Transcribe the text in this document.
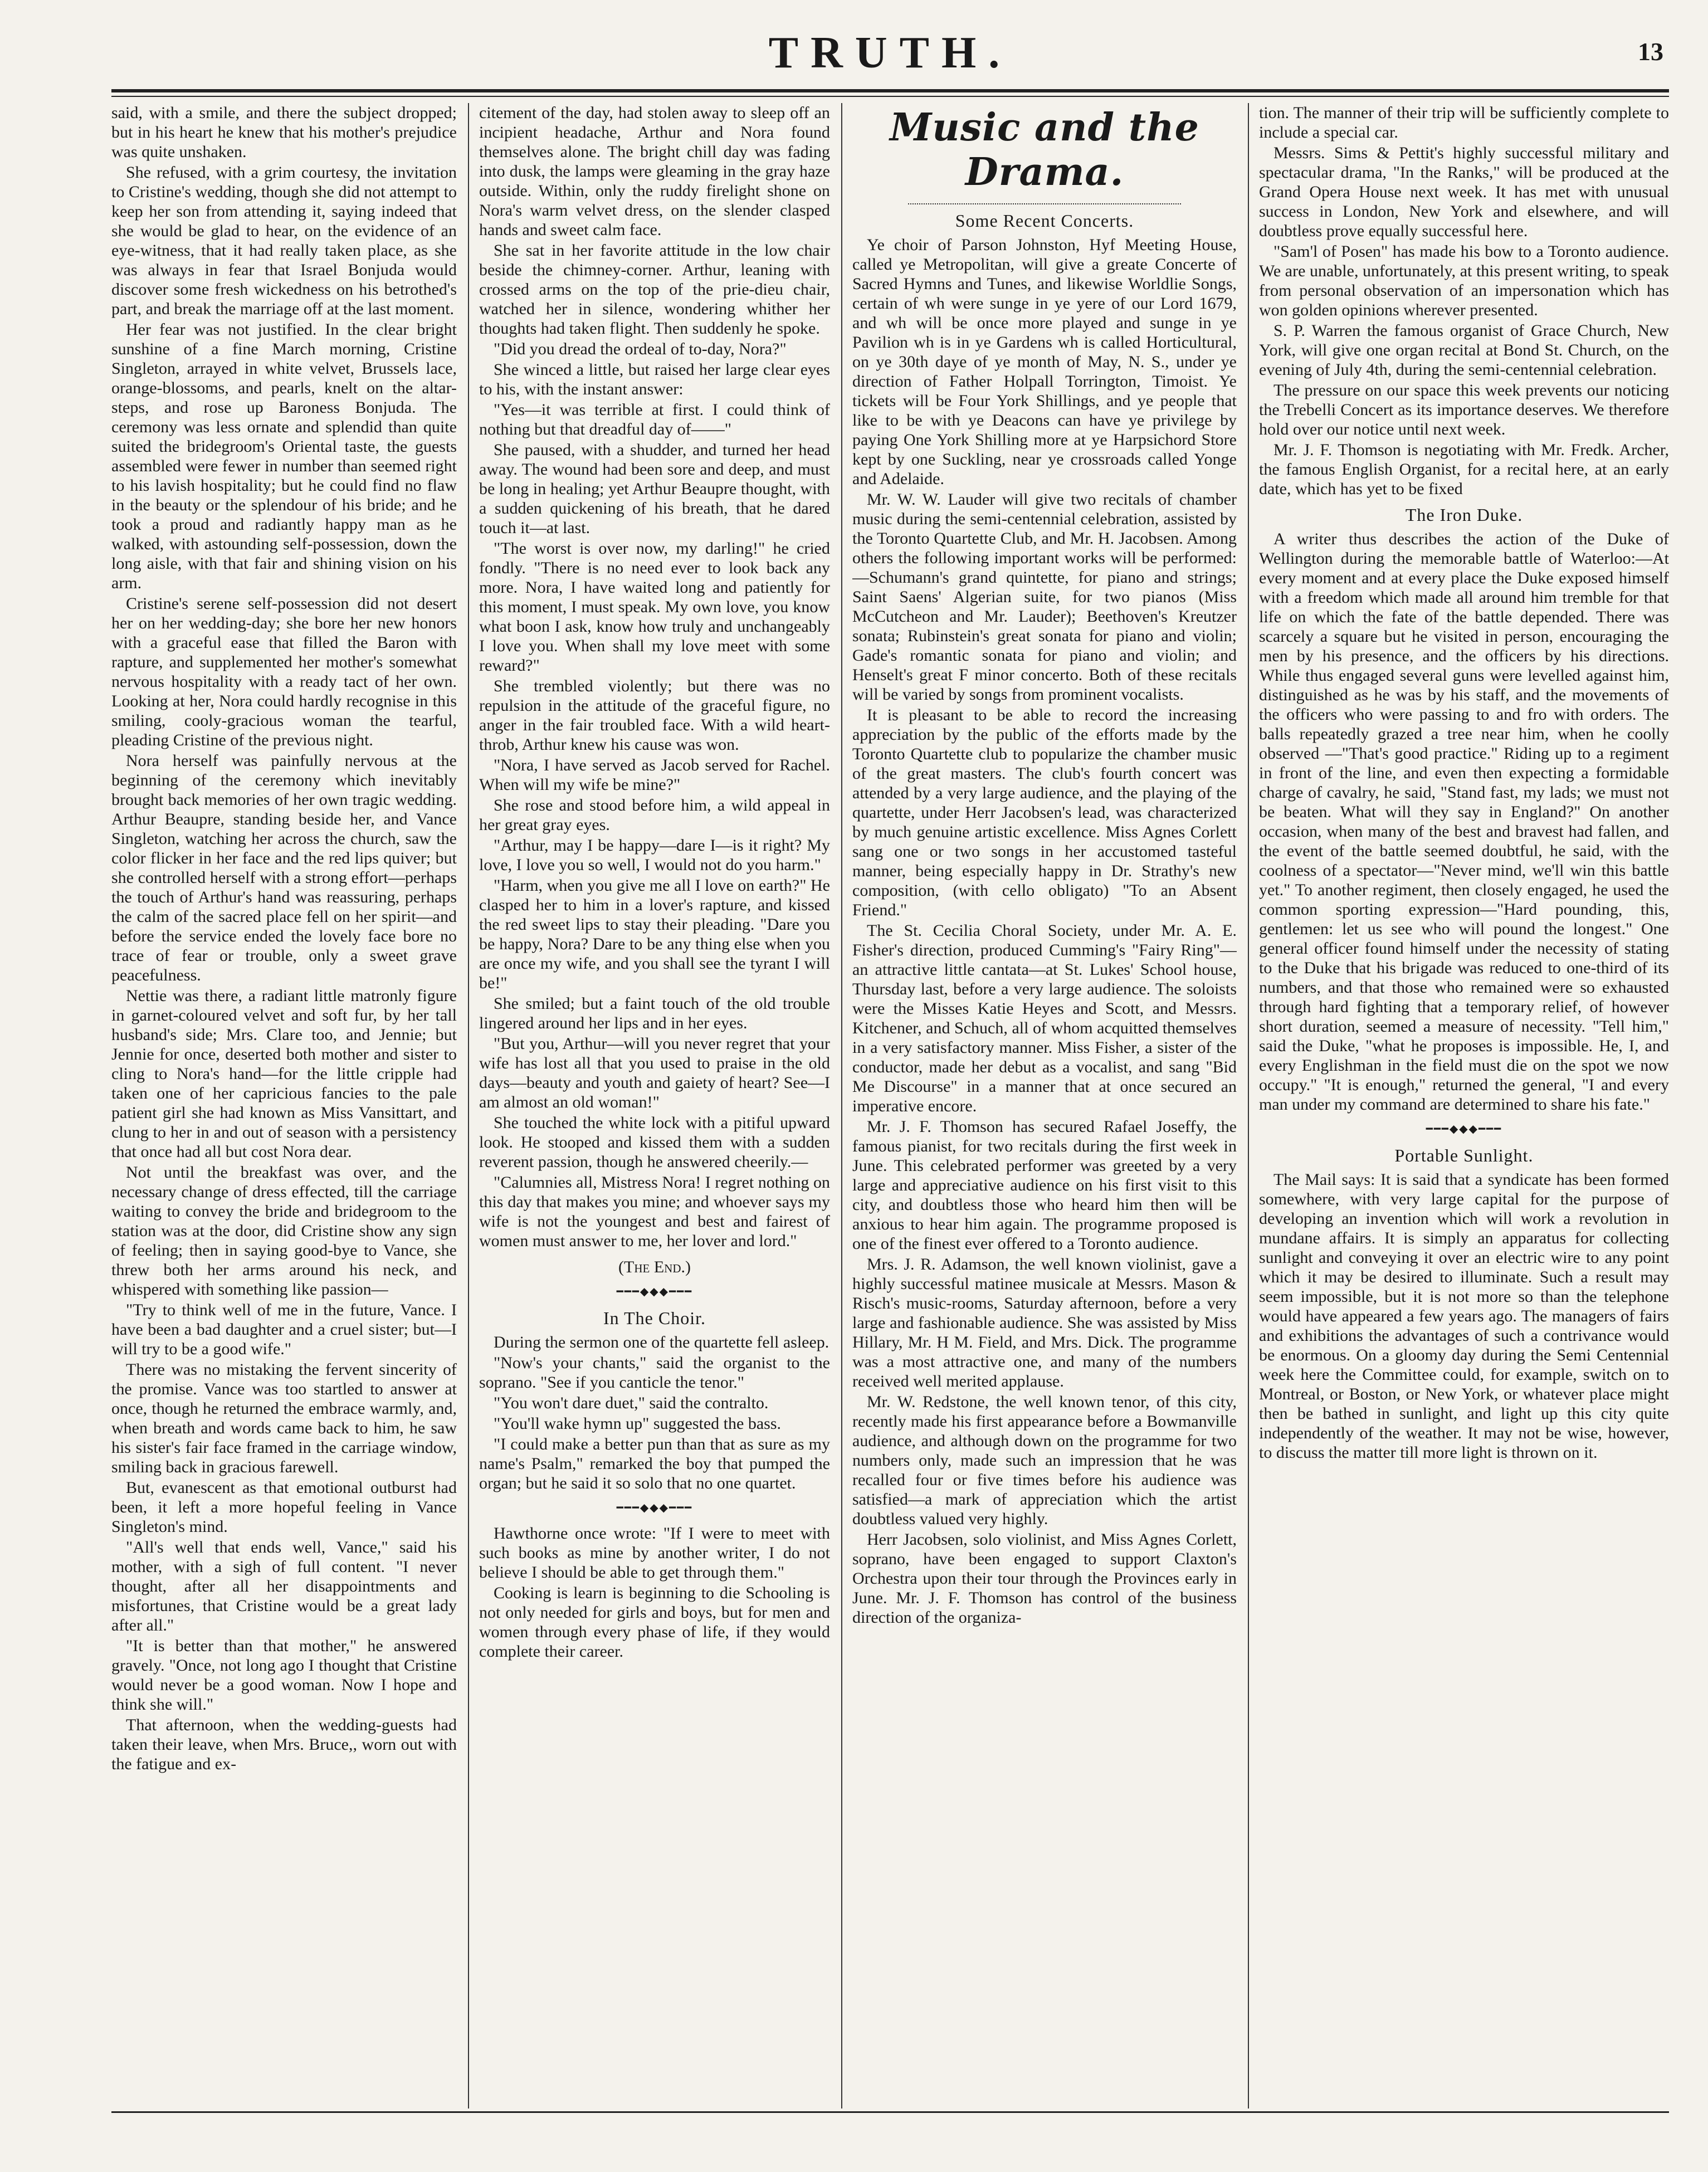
TRUTH.	13

said, with a smile, and there the subject dropped; but in his heart he knew that his mother's prejudice was quite unshaken.

She refused, with a grim courtesy, the invitation to Cristine's wedding, though she did not attempt to keep her son from attending it, saying indeed that she would be glad to hear, on the evidence of an eye-witness, that it had really taken place, as she was always in fear that Israel Bonjuda would discover some fresh wickedness on his betrothed's part, and break the marriage off at the last moment.

Her fear was not justified. In the clear bright sunshine of a fine March morning, Cristine Singleton, arrayed in white velvet, Brussels lace, orange-blossoms, and pearls, knelt on the altar-steps, and rose up Baroness Bonjuda. The ceremony was less ornate and splendid than quite suited the bridegroom's Oriental taste, the guests assembled were fewer in number than seemed right to his lavish hospitality; but he could find no flaw in the beauty or the splendour of his bride; and he took a proud and radiantly happy man as he walked, with astounding self-possession, down the long aisle, with that fair and shining vision on his arm.

Cristine's serene self-possession did not desert her on her wedding-day; she bore her new honors with a graceful ease that filled the Baron with rapture, and supplemented her mother's somewhat nervous hospitality with a ready tact of her own. Looking at her, Nora could hardly recognise in this smiling, cooly-gracious woman the tearful, pleading Cristine of the previous night.

Nora herself was painfully nervous at the beginning of the ceremony which inevitably brought back memories of her own tragic wedding. Arthur Beaupre, standing beside her, and Vance Singleton, watching her across the church, saw the color flicker in her face and the red lips quiver; but she controlled herself with a strong effort—perhaps the touch of Arthur's hand was reassuring, perhaps the calm of the sacred place fell on her spirit—and before the service ended the lovely face bore no trace of fear or trouble, only a sweet grave peacefulness.

Nettie was there, a radiant little matronly figure in garnet-coloured velvet and soft fur, by her tall husband's side; Mrs. Clare too, and Jennie; but Jennie for once, deserted both mother and sister to cling to Nora's hand—for the little cripple had taken one of her capricious fancies to the pale patient girl she had known as Miss Vansittart, and clung to her in and out of season with a persistency that once had all but cost Nora dear.

Not until the breakfast was over, and the necessary change of dress effected, till the carriage waiting to convey the bride and bridegroom to the station was at the door, did Cristine show any sign of feeling; then in saying good-bye to Vance, she threw both her arms around his neck, and whispered with something like passion—

"Try to think well of me in the future, Vance. I have been a bad daughter and a cruel sister; but—I will try to be a good wife."

There was no mistaking the fervent sincerity of the promise. Vance was too startled to answer at once, though he returned the embrace warmly, and, when breath and words came back to him, he saw his sister's fair face framed in the carriage window, smiling back in gracious farewell.

But, evanescent as that emotional outburst had been, it left a more hopeful feeling in Vance Singleton's mind.

"All's well that ends well, Vance," said his mother, with a sigh of full content. "I never thought, after all her disappointments and misfortunes, that Cristine would be a great lady after all."

"It is better than that mother," he answered gravely. "Once, not long ago I thought that Cristine would never be a good woman. Now I hope and think she will."

That afternoon, when the wedding-guests had taken their leave, when Mrs. Bruce,, worn out with the fatigue and ex-

citement of the day, had stolen away to sleep off an incipient headache, Arthur and Nora found themselves alone. The bright chill day was fading into dusk, the lamps were gleaming in the gray haze outside. Within, only the ruddy firelight shone on Nora's warm velvet dress, on the slender clasped hands and sweet calm face.

She sat in her favorite attitude in the low chair beside the chimney-corner. Arthur, leaning with crossed arms on the top of the prie-dieu chair, watched her in silence, wondering whither her thoughts had taken flight. Then suddenly he spoke.

"Did you dread the ordeal of to-day, Nora?"

She winced a little, but raised her large clear eyes to his, with the instant answer:

"Yes—it was terrible at first. I could think of nothing but that dreadful day of——"

She paused, with a shudder, and turned her head away. The wound had been sore and deep, and must be long in healing; yet Arthur Beaupre thought, with a sudden quickening of his breath, that he dared touch it—at last.

"The worst is over now, my darling!" he cried fondly. "There is no need ever to look back any more. Nora, I have waited long and patiently for this moment, I must speak. My own love, you know what boon I ask, know how truly and unchangeably I love you. When shall my love meet with some reward?"

She trembled violently; but there was no repulsion in the attitude of the graceful figure, no anger in the fair troubled face. With a wild heart-throb, Arthur knew his cause was won.

"Nora, I have served as Jacob served for Rachel. When will my wife be mine?"

She rose and stood before him, a wild appeal in her great gray eyes.

"Arthur, may I be happy—dare I—is it right? My love, I love you so well, I would not do you harm."

"Harm, when you give me all I love on earth?" He clasped her to him in a lover's rapture, and kissed the red sweet lips to stay their pleading. "Dare you be happy, Nora? Dare to be any thing else when you are once my wife, and you shall see the tyrant I will be!"

She smiled; but a faint touch of the old trouble lingered around her lips and in her eyes.

"But you, Arthur—will you never regret that your wife has lost all that you used to praise in the old days—beauty and youth and gaiety of heart? See—I am almost an old woman!"

She touched the white lock with a pitiful upward look. He stooped and kissed them with a sudden reverent passion, though he answered cheerily.—

"Calumnies all, Mistress Nora! I regret nothing on this day that makes you mine; and whoever says my wife is not the youngest and best and fairest of women must answer to me, her lover and lord."

(The End.)
━━━◆◆◆━━━
In The Choir.

During the sermon one of the quartette fell asleep.

"Now's your chants," said the organist to the soprano. "See if you canticle the tenor."

"You won't dare duet," said the contralto.

"You'll wake hymn up" suggested the bass.

"I could make a better pun than that as sure as my name's Psalm," remarked the boy that pumped the organ; but he said it so solo that no one quartet.

━━━◆◆◆━━━

Hawthorne once wrote: "If I were to meet with such books as mine by another writer, I do not believe I should be able to get through them."

Cooking is learn is beginning to die Schooling is not only needed for girls and boys, but for men and women through every phase of life, if they would complete their career.

Music and the Drama.
Some Recent Concerts.

Ye choir of Parson Johnston, Hyf Meeting House, called ye Metropolitan, will give a greate Concerte of Sacred Hymns and Tunes, and likewise Worldlie Songs, certain of wh were sunge in ye yere of our Lord 1679, and wh will be once more played and sunge in ye Pavilion wh is in ye Gardens wh is called Horticultural, on ye 30th daye of ye month of May, N. S., under ye direction of Father Holpall Torrington, Timoist. Ye tickets will be Four York Shillings, and ye people that like to be with ye Deacons can have ye privilege by paying One York Shilling more at ye Harpsichord Store kept by one Suckling, near ye crossroads called Yonge and Adelaide.

Mr. W. W. Lauder will give two recitals of chamber music during the semi-centennial celebration, assisted by the Toronto Quartette Club, and Mr. H. Jacobsen. Among others the following important works will be performed:—Schumann's grand quintette, for piano and strings; Saint Saens' Algerian suite, for two pianos (Miss McCutcheon and Mr. Lauder); Beethoven's Kreutzer sonata; Rubinstein's great sonata for piano and violin; Gade's romantic sonata for piano and violin; and Henselt's great F minor concerto. Both of these recitals will be varied by songs from prominent vocalists.

It is pleasant to be able to record the increasing appreciation by the public of the efforts made by the Toronto Quartette club to popularize the chamber music of the great masters. The club's fourth concert was attended by a very large audience, and the playing of the quartette, under Herr Jacobsen's lead, was characterized by much genuine artistic excellence. Miss Agnes Corlett sang one or two songs in her accustomed tasteful manner, being especially happy in Dr. Strathy's new composition, (with cello obligato) "To an Absent Friend."

The St. Cecilia Choral Society, under Mr. A. E. Fisher's direction, produced Cumming's "Fairy Ring"—an attractive little cantata—at St. Lukes' School house, Thursday last, before a very large audience. The soloists were the Misses Katie Heyes and Scott, and Messrs. Kitchener, and Schuch, all of whom acquitted themselves in a very satisfactory manner. Miss Fisher, a sister of the conductor, made her debut as a vocalist, and sang "Bid Me Discourse" in a manner that at once secured an imperative encore.

Mr. J. F. Thomson has secured Rafael Joseffy, the famous pianist, for two recitals during the first week in June. This celebrated performer was greeted by a very large and appreciative audience on his first visit to this city, and doubtless those who heard him then will be anxious to hear him again. The programme proposed is one of the finest ever offered to a Toronto audience.

Mrs. J. R. Adamson, the well known violinist, gave a highly successful matinee musicale at Messrs. Mason & Risch's music-rooms, Saturday afternoon, before a very large and fashionable audience. She was assisted by Miss Hillary, Mr. H M. Field, and Mrs. Dick. The programme was a most attractive one, and many of the numbers received well merited applause.

Mr. W. Redstone, the well known tenor, of this city, recently made his first appearance before a Bowmanville audience, and although down on the programme for two numbers only, made such an impression that he was recalled four or five times before his audience was satisfied—a mark of appreciation which the artist doubtless valued very highly.

Herr Jacobsen, solo violinist, and Miss Agnes Corlett, soprano, have been engaged to support Claxton's Orchestra upon their tour through the Provinces early in June. Mr. J. F. Thomson has control of the business direction of the organiza-

tion. The manner of their trip will be sufficiently complete to include a special car.

Messrs. Sims & Pettit's highly successful military and spectacular drama, "In the Ranks," will be produced at the Grand Opera House next week. It has met with unusual success in London, New York and elsewhere, and will doubtless prove equally successful here.

"Sam'l of Posen" has made his bow to a Toronto audience. We are unable, unfortunately, at this present writing, to speak from personal observation of an impersonation which has won golden opinions wherever presented.

S. P. Warren the famous organist of Grace Church, New York, will give one organ recital at Bond St. Church, on the evening of July 4th, during the semi-centennial celebration.

The pressure on our space this week prevents our noticing the Trebelli Concert as its importance deserves. We therefore hold over our notice until next week.

Mr. J. F. Thomson is negotiating with Mr. Fredk. Archer, the famous English Organist, for a recital here, at an early date, which has yet to be fixed

The Iron Duke.

A writer thus describes the action of the Duke of Wellington during the memorable battle of Waterloo:—At every moment and at every place the Duke exposed himself with a freedom which made all around him tremble for that life on which the fate of the battle depended. There was scarcely a square but he visited in person, encouraging the men by his presence, and the officers by his directions. While thus engaged several guns were levelled against him, distinguished as he was by his staff, and the movements of the officers who were passing to and fro with orders. The balls repeatedly grazed a tree near him, when he coolly observed —"That's good practice." Riding up to a regiment in front of the line, and even then expecting a formidable charge of cavalry, he said, "Stand fast, my lads; we must not be beaten. What will they say in England?" On another occasion, when many of the best and bravest had fallen, and the event of the battle seemed doubtful, he said, with the coolness of a spectator—"Never mind, we'll win this battle yet." To another regiment, then closely engaged, he used the common sporting expression—"Hard pounding, this, gentlemen: let us see who will pound the longest." One general officer found himself under the necessity of stating to the Duke that his brigade was reduced to one-third of its numbers, and that those who remained were so exhausted through hard fighting that a temporary relief, of however short duration, seemed a measure of necessity. "Tell him," said the Duke, "what he proposes is impossible. He, I, and every Englishman in the field must die on the spot we now occupy." "It is enough," returned the general, "I and every man under my command are determined to share his fate."

━━━◆◆◆━━━
Portable Sunlight.

The Mail says: It is said that a syndicate has been formed somewhere, with very large capital for the purpose of developing an invention which will work a revolution in mundane affairs. It is simply an apparatus for collecting sunlight and conveying it over an electric wire to any point which it may be desired to illuminate. Such a result may seem impossible, but it is not more so than the telephone would have appeared a few years ago. The managers of fairs and exhibitions the advantages of such a contrivance would be enormous. On a gloomy day during the Semi Centennial week here the Committee could, for example, switch on to Montreal, or Boston, or New York, or whatever place might then be bathed in sunlight, and light up this city quite independently of the weather. It may not be wise, however, to discuss the matter till more light is thrown on it.
